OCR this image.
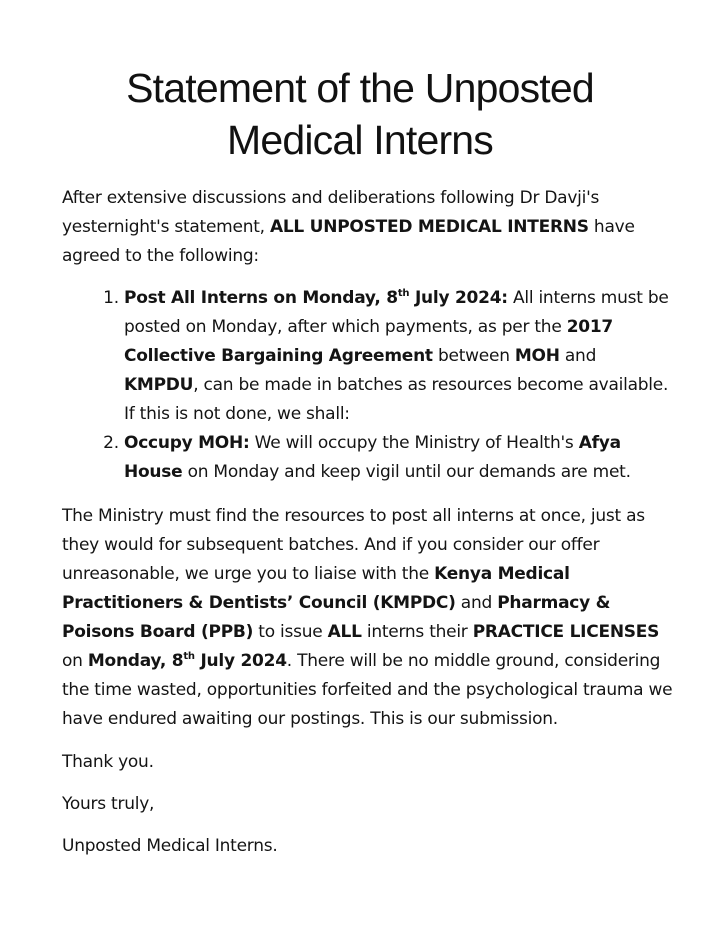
Statement of the Unposted
Medical Interns

After extensive discussions and deliberations following Dr Davji's yesternight's statement, ALL UNPOSTED MEDICAL INTERNS have agreed to the following:

1. Post All Interns on Monday, 8th July 2024: All interns must be posted on Monday, after which payments, as per the 2017 Collective Bargaining Agreement between MOH and KMPDU, can be made in batches as resources become available. If this is not done, we shall:
2. Occupy MOH: We will occupy the Ministry of Health's Afya House on Monday and keep vigil until our demands are met.

The Ministry must find the resources to post all interns at once, just as they would for subsequent batches. And if you consider our offer unreasonable, we urge you to liaise with the Kenya Medical Practitioners & Dentists’ Council (KMPDC) and Pharmacy & Poisons Board (PPB) to issue ALL interns their PRACTICE LICENSES on Monday, 8th July 2024. There will be no middle ground, considering the time wasted, opportunities forfeited and the psychological trauma we have endured awaiting our postings. This is our submission.

Thank you.

Yours truly,

Unposted Medical Interns.
